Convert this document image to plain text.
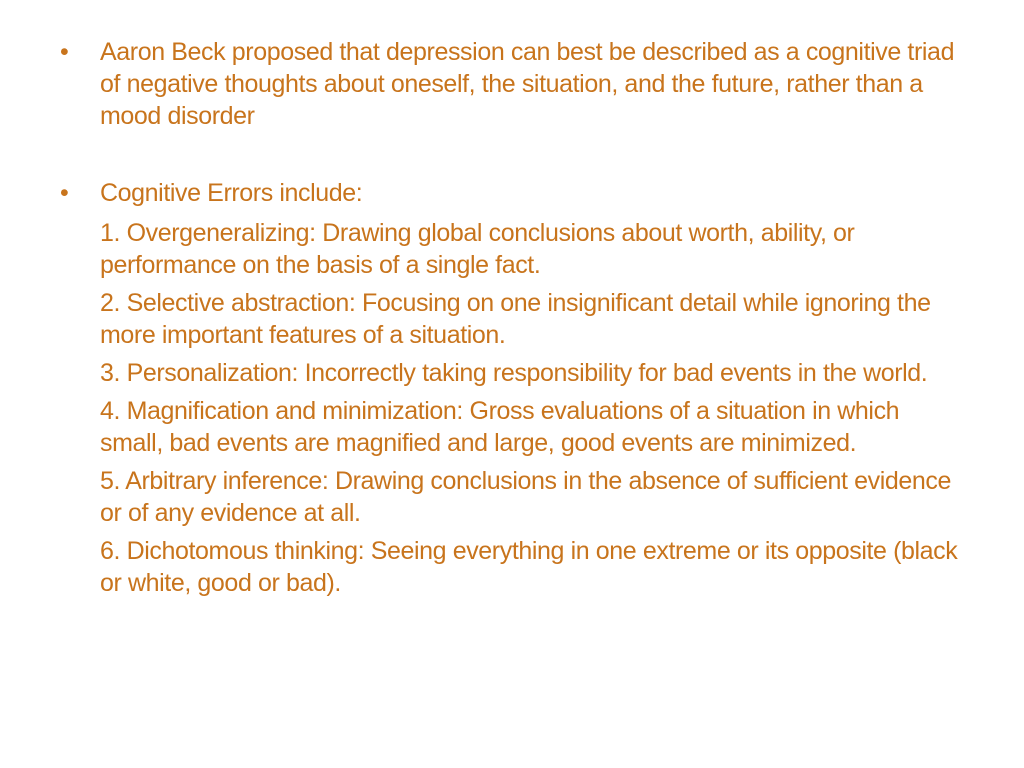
•	Aaron Beck proposed that depression can best be described as a cognitive triad of negative thoughts about oneself, the situation, and the future, rather than a mood disorder
•	Cognitive Errors include:
1. Overgeneralizing: Drawing global conclusions about worth, ability, or performance on the basis of a single fact.
2. Selective abstraction: Focusing on one insignificant detail while ignoring the more important features of a situation.
3. Personalization: Incorrectly taking responsibility for bad events in the world.
4. Magnification and minimization: Gross evaluations of a situation in which small, bad events are magnified and large, good events are minimized.
5. Arbitrary inference: Drawing conclusions in the absence of sufficient evidence or of any evidence at all.
6. Dichotomous thinking: Seeing everything in one extreme or its opposite (black or white, good or bad).
